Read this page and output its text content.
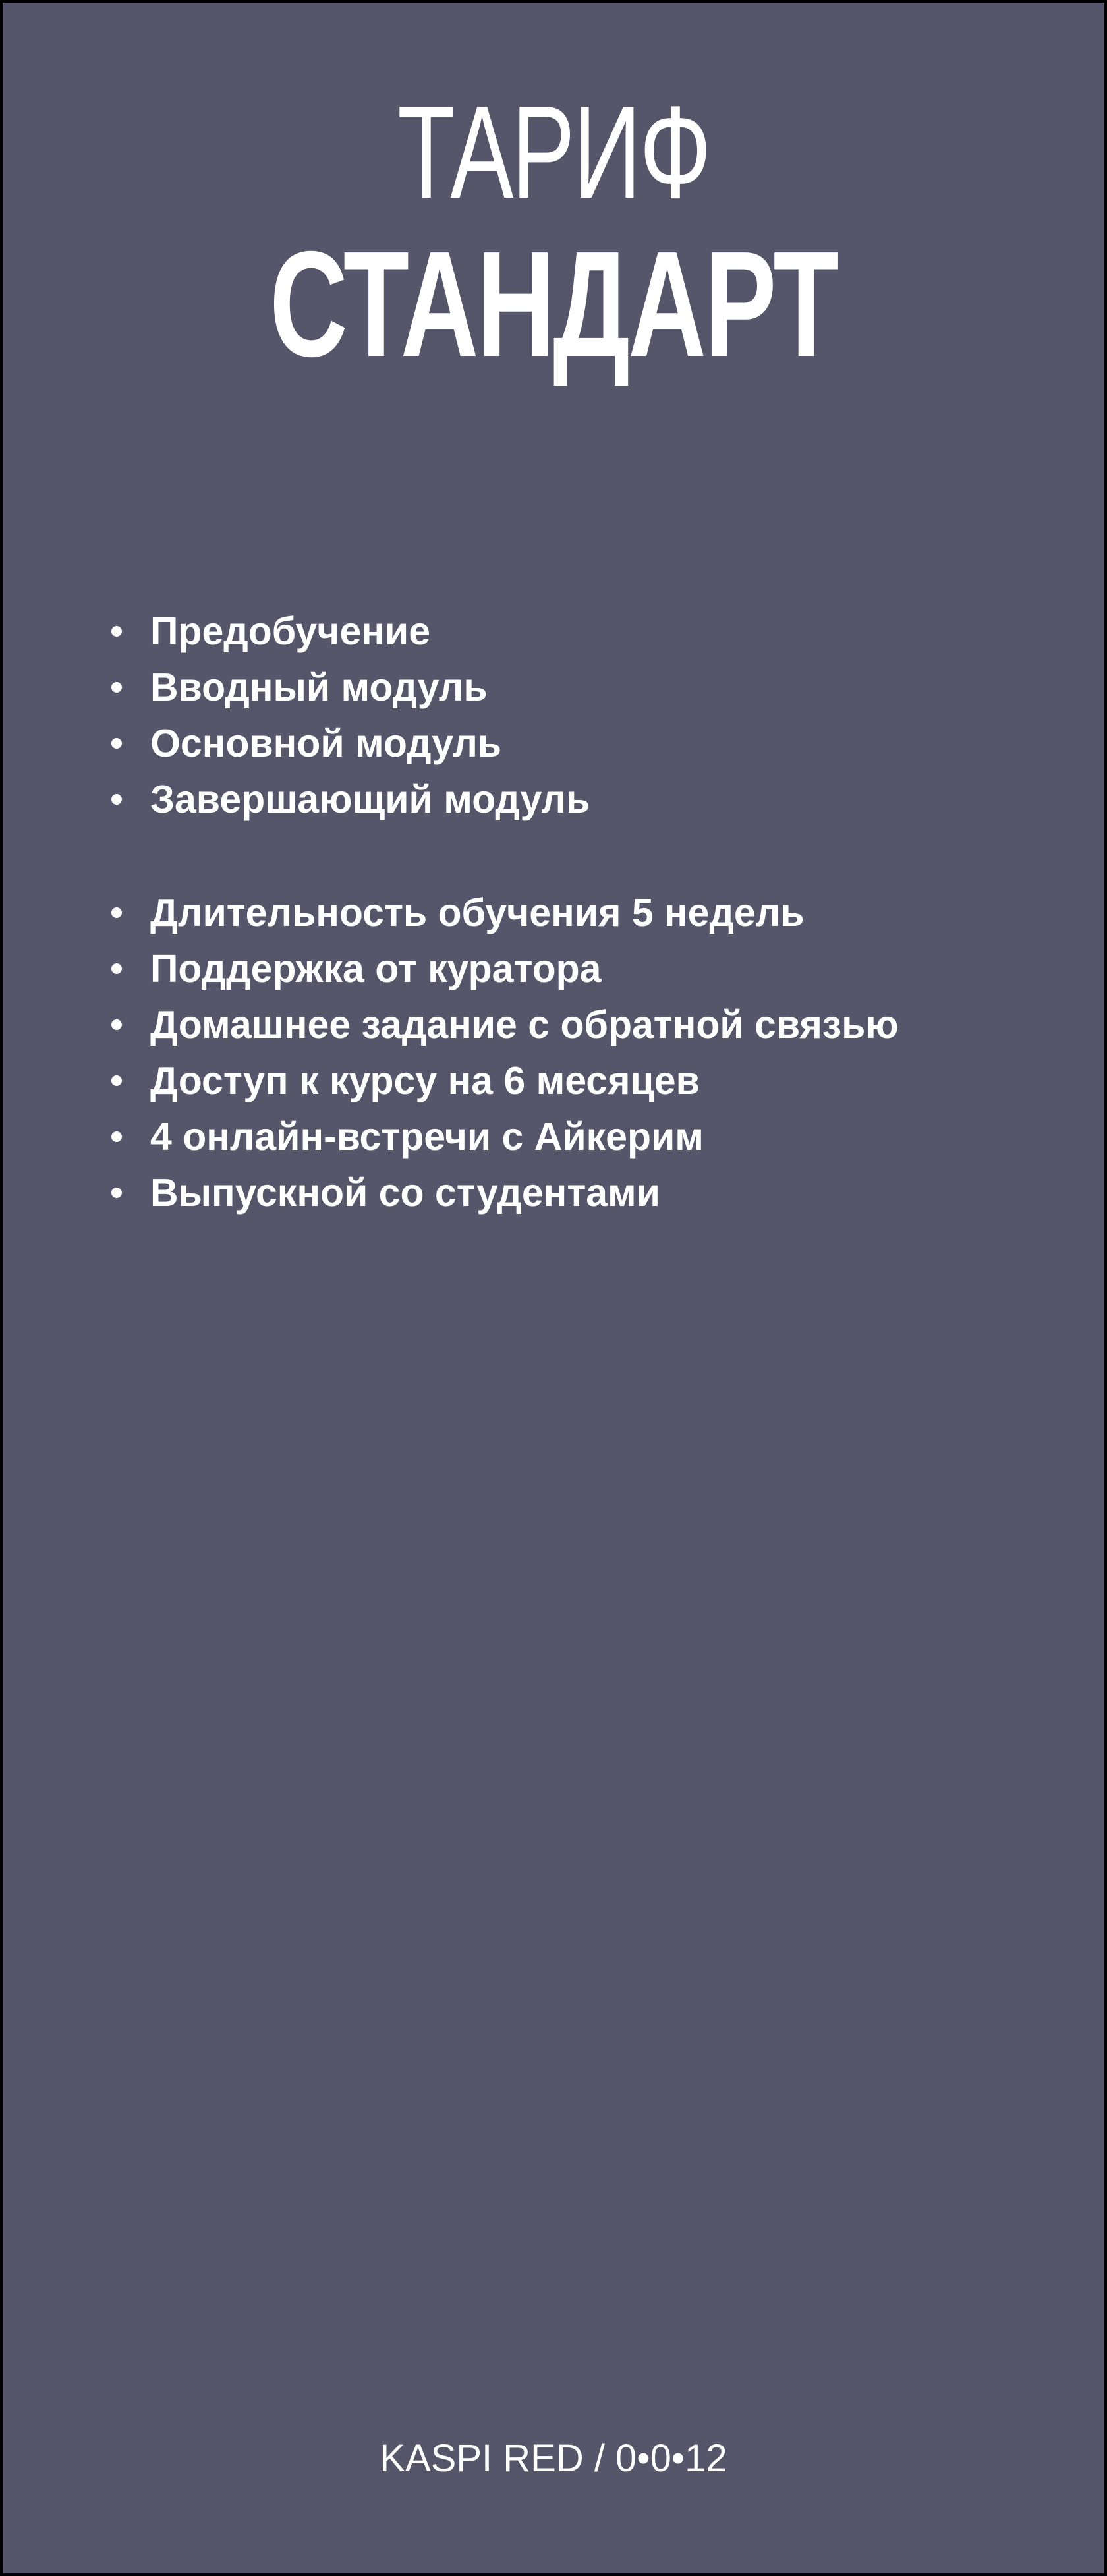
ТАРИФ
СТАНДАРТ
Предобучение
Вводный модуль
Основной модуль
Завершающий модуль
Длительность обучения 5 недель
Поддержка от куратора
Домашнее задание с обратной связью
Доступ к курсу на 6 месяцев
4 онлайн-встречи с Айкерим
Выпускной со студентами
KASPI RED / 0•0•12
